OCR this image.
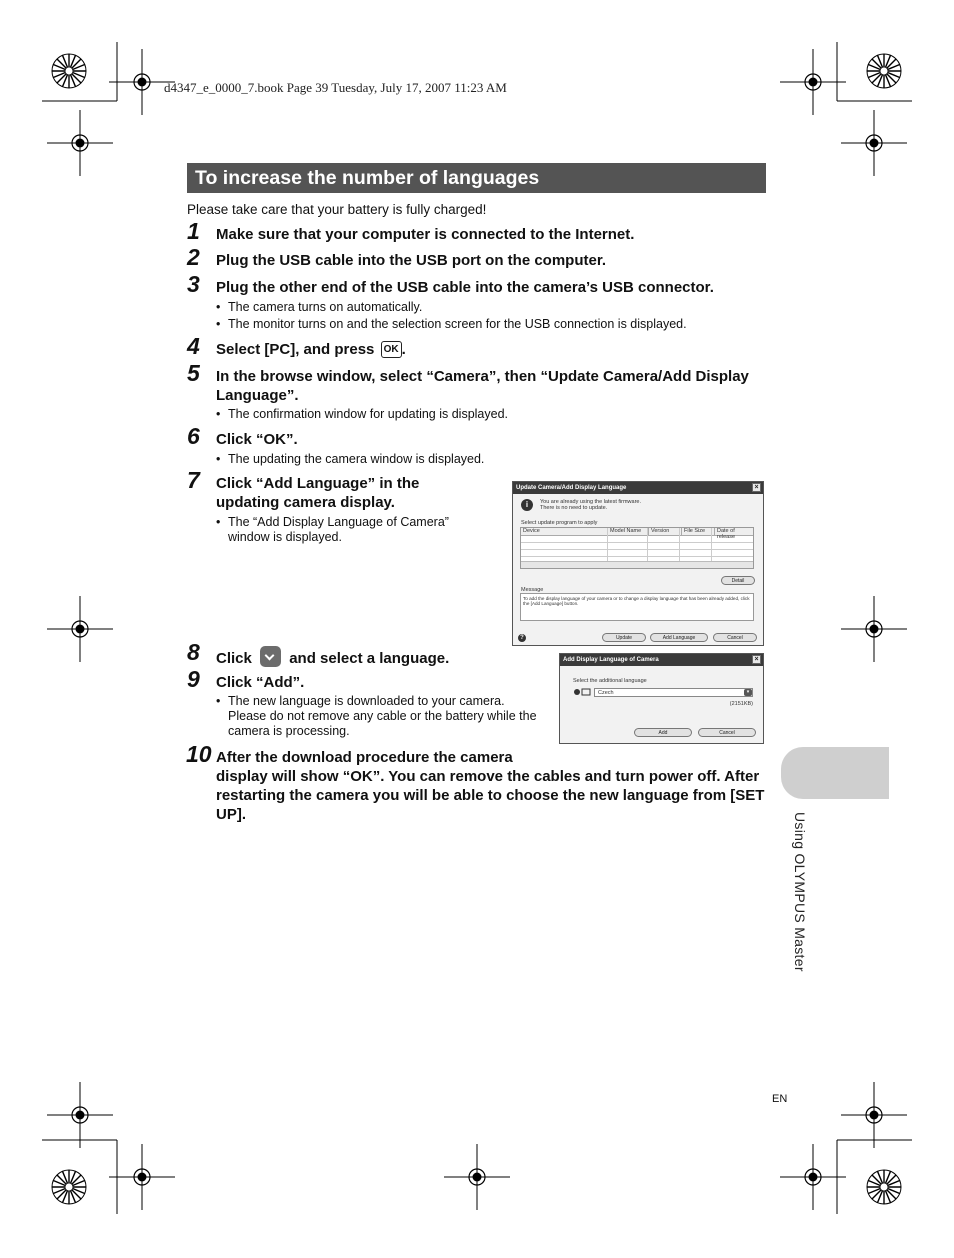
d4347_e_0000_7.book Page 39 Tuesday, July 17, 2007 11:23 AM
To increase the number of languages
Please take care that your battery is fully charged!
1 Make sure that your computer is connected to the Internet.
2 Plug the USB cable into the USB port on the computer.
3 Plug the other end of the USB cable into the camera’s USB connector.
• The camera turns on automatically.
• The monitor turns on and the selection screen for the USB connection is displayed.
4 Select [PC], and press OK .
5 In the browse window, select “Camera”, then “Update Camera/Add Display Language”.
• The confirmation window for updating is displayed.
6 Click “OK”.
• The updating the camera window is displayed.
7 Click “Add Language” in the updating camera display.
• The “Add Display Language of Camera” window is displayed.
Update Camera/Add Display Language	×
i	You are already using the latest firmware.
There is no need to update.
Select update program to apply
Device	Model Name	Version	File Size	Date of release
Detail
Message
To add the display language of your camera or to change a display language that has been already added, click the [Add Language] button.
?	Update	Add Language	Cancel
8 Click  and select a language.
9 Click “Add”.
• The new language is downloaded to your camera. Please do not remove any cable or the battery while the camera is processing.
Add Display Language of Camera	×
Select the additional language
Czech	▾
(2151KB)
Add	Cancel
10 After the download procedure the camera
display will show “OK”. You can remove the cables and turn power off. After restarting the camera you will be able to choose the new language from [SET UP].	Using OLYMPUS Master
EN
